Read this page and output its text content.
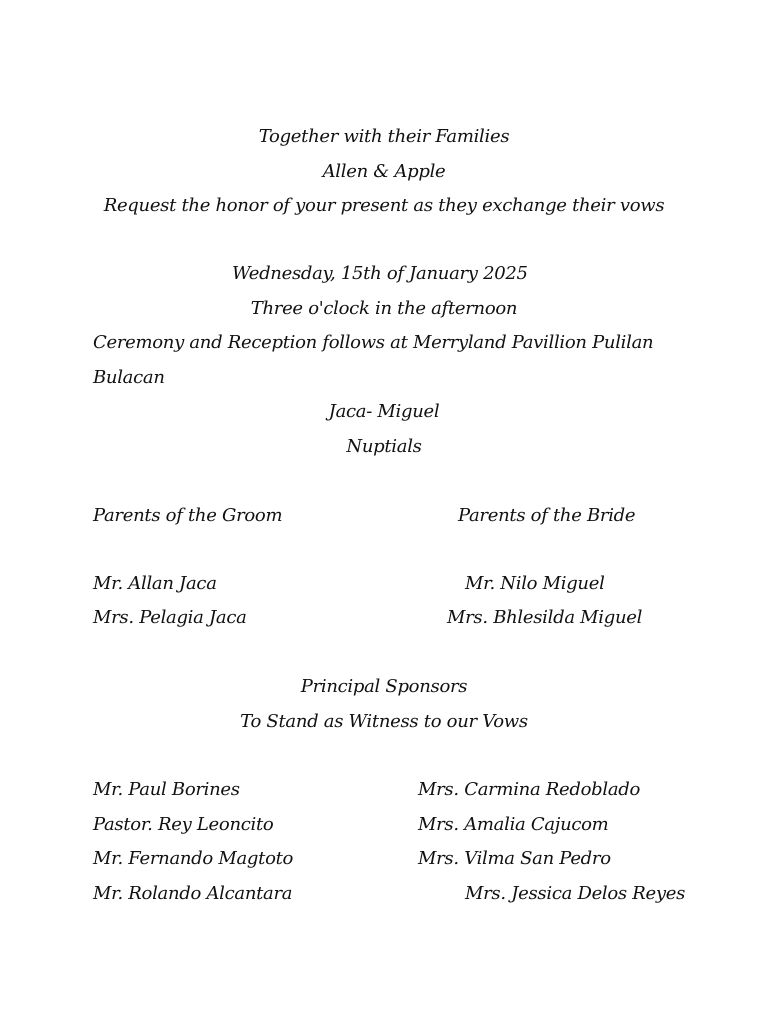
Together with their Families
Allen & Apple
Request the honor of your present as they exchange their vows
Wednesday, 15th of January 2025
Three o'clock in the afternoon
Ceremony and Reception follows at Merryland Pavillion Pulilan
Bulacan
Jaca- Miguel
Nuptials
Parents of the Groom	Parents of the Bride
Mr. Allan Jaca	Mr. Nilo Miguel
Mrs. Pelagia Jaca	Mrs. Bhlesilda Miguel
Principal Sponsors
To Stand as Witness to our Vows
Mr. Paul Borines	Mrs. Carmina Redoblado
Pastor. Rey Leoncito	Mrs. Amalia Cajucom
Mr. Fernando Magtoto	Mrs. Vilma San Pedro
Mr. Rolando Alcantara	Mrs. Jessica Delos Reyes
